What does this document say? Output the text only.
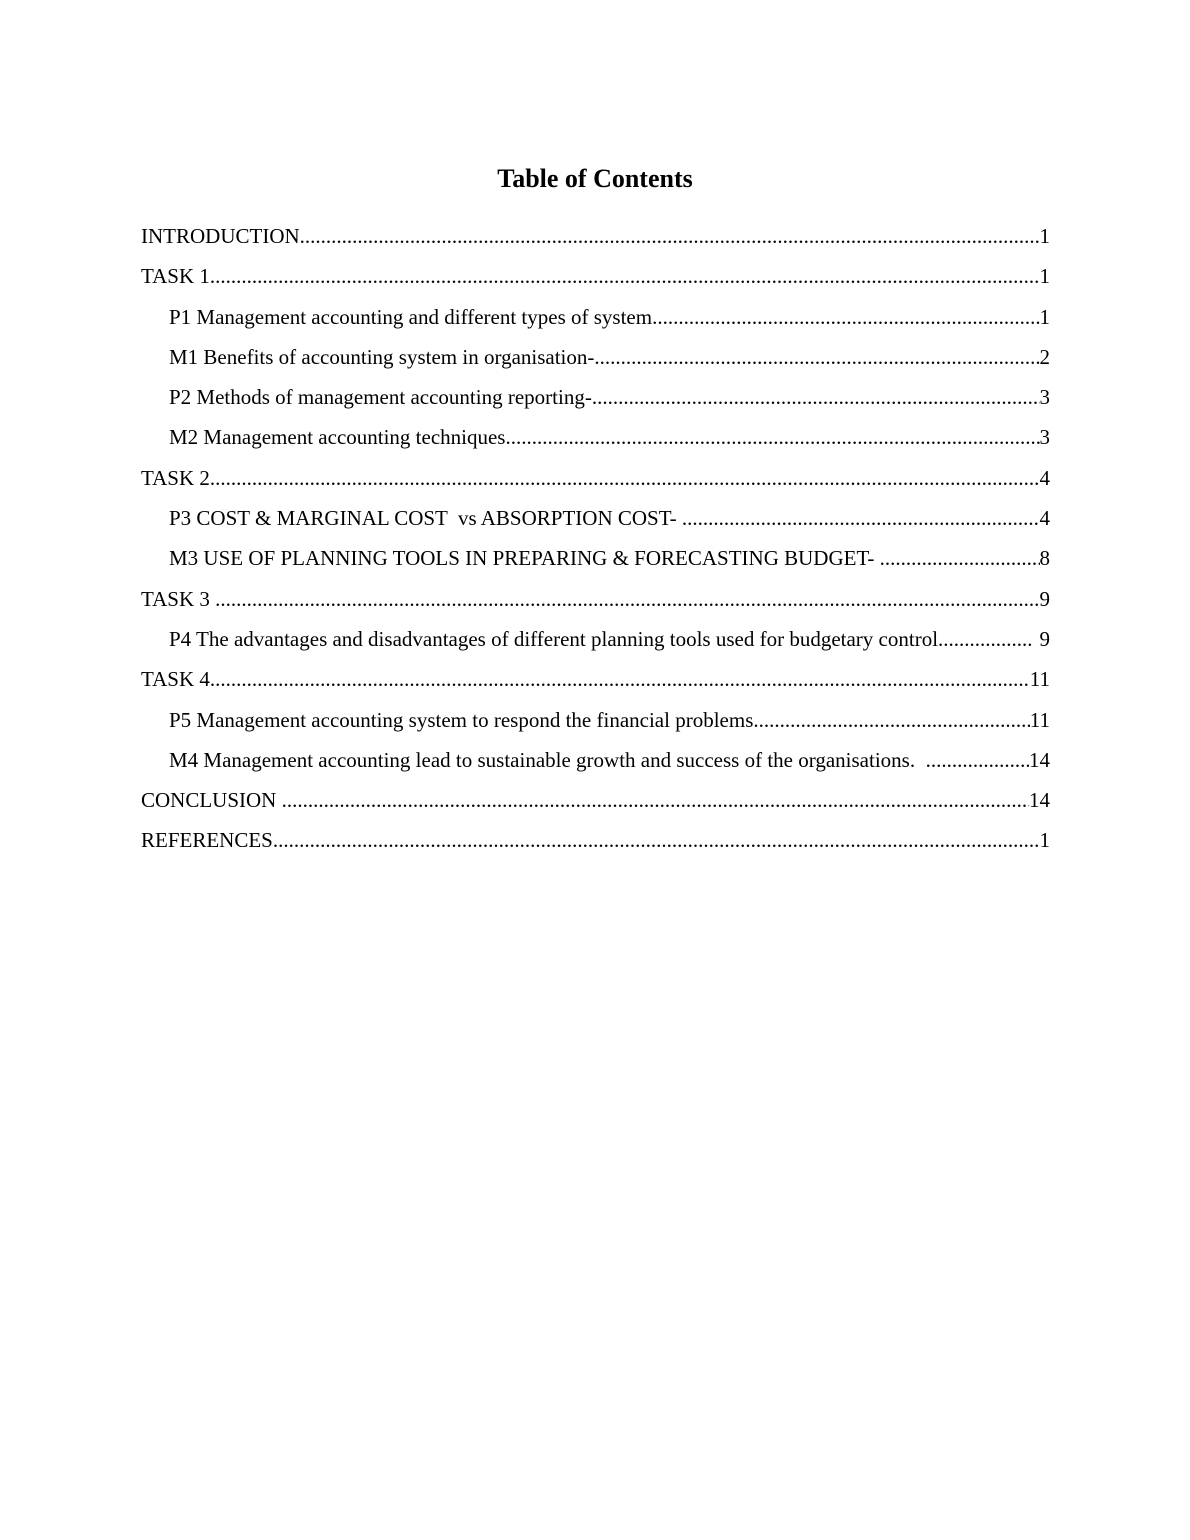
Table of Contents
INTRODUCTION .....	1
TASK 1 .....	1
P1 Management accounting and different types of system .....	1
M1 Benefits of accounting system in organisation- .....	2
P2 Methods of management accounting reporting- .....	3
M2 Management accounting techniques .....	3
TASK 2 .....	4
P3 COST & MARGINAL COST  vs ABSORPTION COST- .....	4
M3 USE OF PLANNING TOOLS IN PREPARING & FORECASTING BUDGET- .....	8
TASK 3 .....	9
P4 The advantages and disadvantages of different planning tools used for budgetary control .....	9
TASK 4 .....	11
P5 Management accounting system to respond the financial problems .....	11
M4 Management accounting lead to sustainable growth and success of the organisations. .....	14
CONCLUSION .....	14
REFERENCES .....	1
